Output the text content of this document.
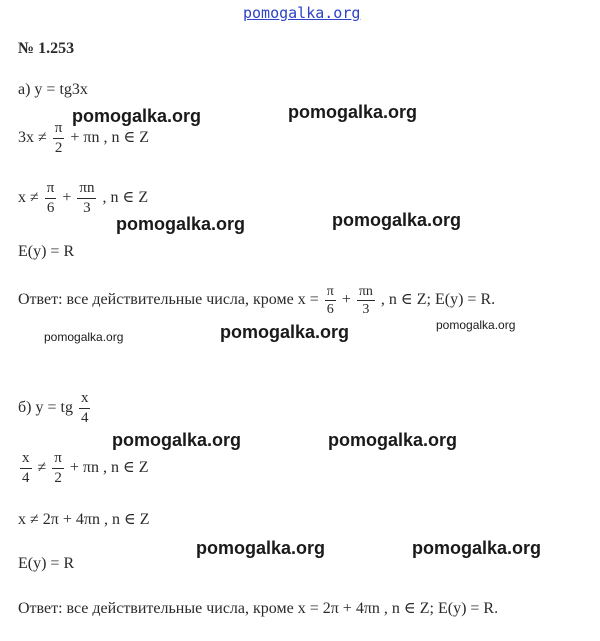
pomogalka.org
№ 1.253
а) y = tg3x
$3x \ne \frac{\pi}{2} + \pi n$ , n ∈ Z
$x \ne \frac{\pi}{6} + \frac{\pi n}{3}$ , n ∈ Z
E(y) = R
Ответ: все действительные числа, кроме $x = \frac{\pi}{6} + \frac{\pi n}{3}$ , n ∈ Z; E(y) = R.
б) y = tg $\frac{x}{4}$
$\frac{x}{4} \ne \frac{\pi}{2} + \pi n$ , n ∈ Z
x ≠ 2π + 4πn , n ∈ Z
E(y) = R
Ответ: все действительные числа, кроме x = 2π + 4πn , n ∈ Z; E(y) = R.
pomogalka.org	pomogalka.org
pomogalka.org	pomogalka.org
pomogalka.org
pomogalka.org
pomogalka.org
pomogalka.org	pomogalka.org
pomogalka.org	pomogalka.org
